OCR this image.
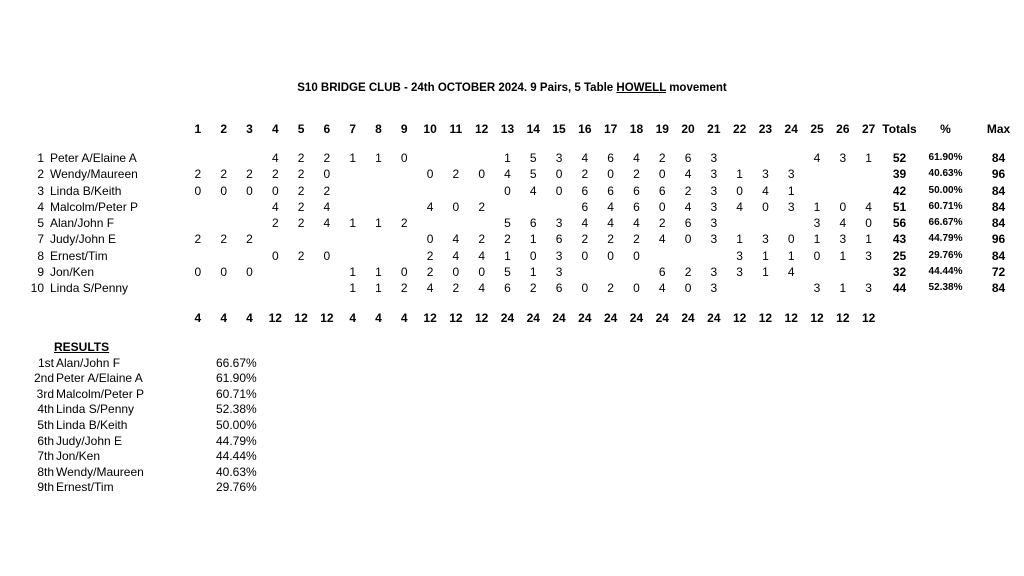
S10 BRIDGE CLUB - 24th OCTOBER 2024. 9 Pairs, 5 Table HOWELL movement
		1	2	3	4	5	6	7	8	9	10	11	12	13	14	15	16	17	18	19	20	21	22	23	24	25	26	27	Totals	%	Max

1	Peter A/Elaine A				4	2	2	1	1	0				1	5	3	4	6	4	2	6	3				4	3	1	52	61.90%	84
2	Wendy/Maureen	2	2	2	2	2	0				0	2	0	4	5	0	2	0	2	0	4	3	1	3	3				39	40.63%	96
3	Linda B/Keith	0	0	0	0	2	2							0	4	0	6	6	6	6	2	3	0	4	1				42	50.00%	84
4	Malcolm/Peter P				4	2	4				4	0	2				6	4	6	0	4	3	4	0	3	1	0	4	51	60.71%	84
5	Alan/John F				2	2	4	1	1	2				5	6	3	4	4	4	2	6	3				3	4	0	56	66.67%	84
7	Judy/John E	2	2	2							0	4	2	2	1	6	2	2	2	4	0	3	1	3	0	1	3	1	43	44.79%	96
8	Ernest/Tim				0	2	0				2	4	4	1	0	3	0	0	0				3	1	1	0	1	3	25	29.76%	84
9	Jon/Ken	0	0	0				1	1	0	2	0	0	5	1	3				6	2	3	3	1	4				32	44.44%	72
10	Linda S/Penny							1	1	2	4	2	4	6	2	6	0	2	0	4	0	3				3	1	3	44	52.38%	84

		4	4	4	12	12	12	4	4	4	12	12	12	24	24	24	24	24	24	24	24	24	12	12	12	12	12	12			
RESULTS
1st Alan/John F	66.67%
2nd Peter A/Elaine A	61.90%
3rd Malcolm/Peter P	60.71%
4th Linda S/Penny	52.38%
5th Linda B/Keith	50.00%
6th Judy/John E	44.79%
7th Jon/Ken	44.44%
8th Wendy/Maureen	40.63%
9th Ernest/Tim	29.76%
